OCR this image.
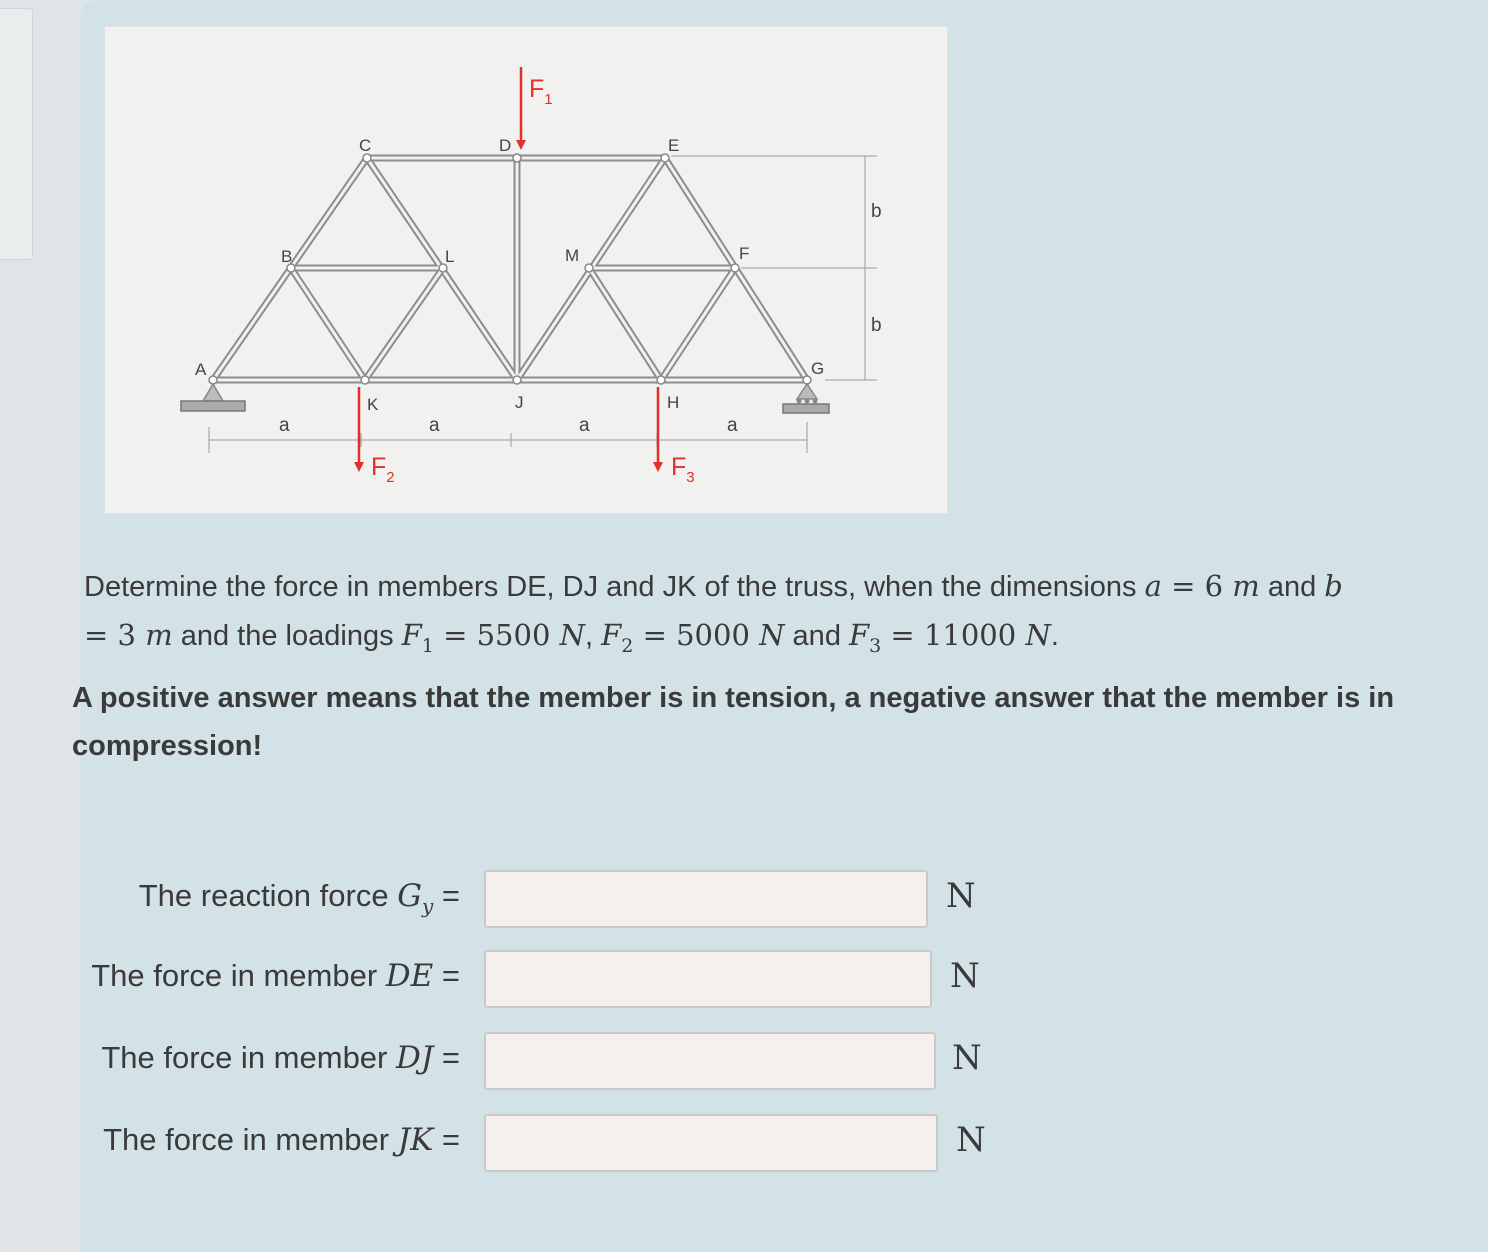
A
B
C	D	E
F
G
H
J
K
L	M
a	a	a	a
b
b
$F_1$
$F_2$	$F_3$
Determine the force in members DE, DJ and JK of the truss, when the dimensions a = 6 m and b
= 3 m and the loadings $F_1 = 5500$ N, $F_2 = 5000$ N and $F_3 = 11000$ N.
A positive answer means that the member is in tension, a negative answer that the member is in compression!
The reaction force $G_y$ =	N
The force in member DE =	N
The force in member DJ =	N
The force in member JK =	N
